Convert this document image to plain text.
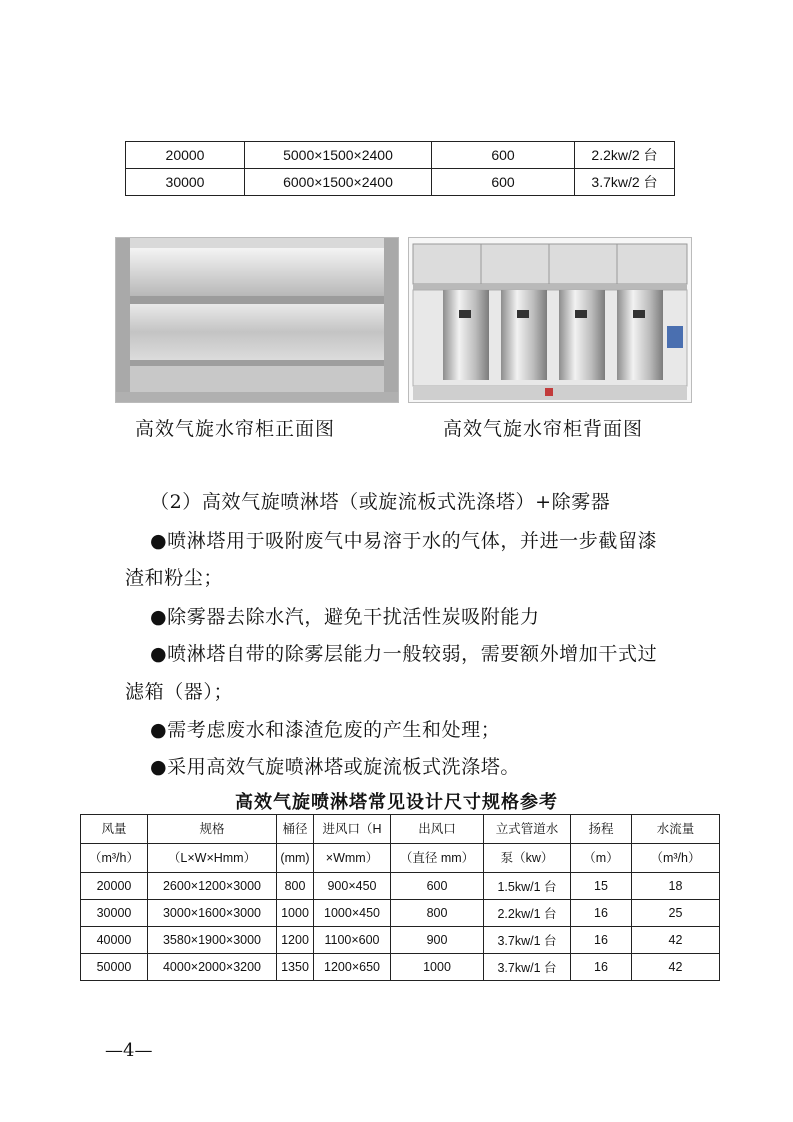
20000	5000×1500×2400	600	2.2kw/2 台
30000	6000×1500×2400	600	3.7kw/2 台
高效气旋水帘柜正面图	高效气旋水帘柜背面图
（2）高效气旋喷淋塔（或旋流板式洗涤塔）+除雾器
●喷淋塔用于吸附废气中易溶于水的气体，并进一步截留漆
渣和粉尘；
●除雾器去除水汽，避免干扰活性炭吸附能力
●喷淋塔自带的除雾层能力一般较弱，需要额外增加干式过
滤箱（器）；
●需考虑废水和漆渣危废的产生和处理；
●采用高效气旋喷淋塔或旋流板式洗涤塔。
高效气旋喷淋塔常见设计尺寸规格参考
风量	规格	桶径	进风口（H	出风口	立式管道水	扬程	水流量
（m³/h）	（L×W×Hmm）	(mm)	×Wmm）	（直径 mm）	泵（kw）	（m）	（m³/h）
20000	2600×1200×3000	800	900×450	600	1.5kw/1 台	15	18
30000	3000×1600×3000	1000	1000×450	800	2.2kw/1 台	16	25
40000	3580×1900×3000	1200	1100×600	900	3.7kw/1 台	16	42
50000	4000×2000×3200	1350	1200×650	1000	3.7kw/1 台	16	42
—4—
